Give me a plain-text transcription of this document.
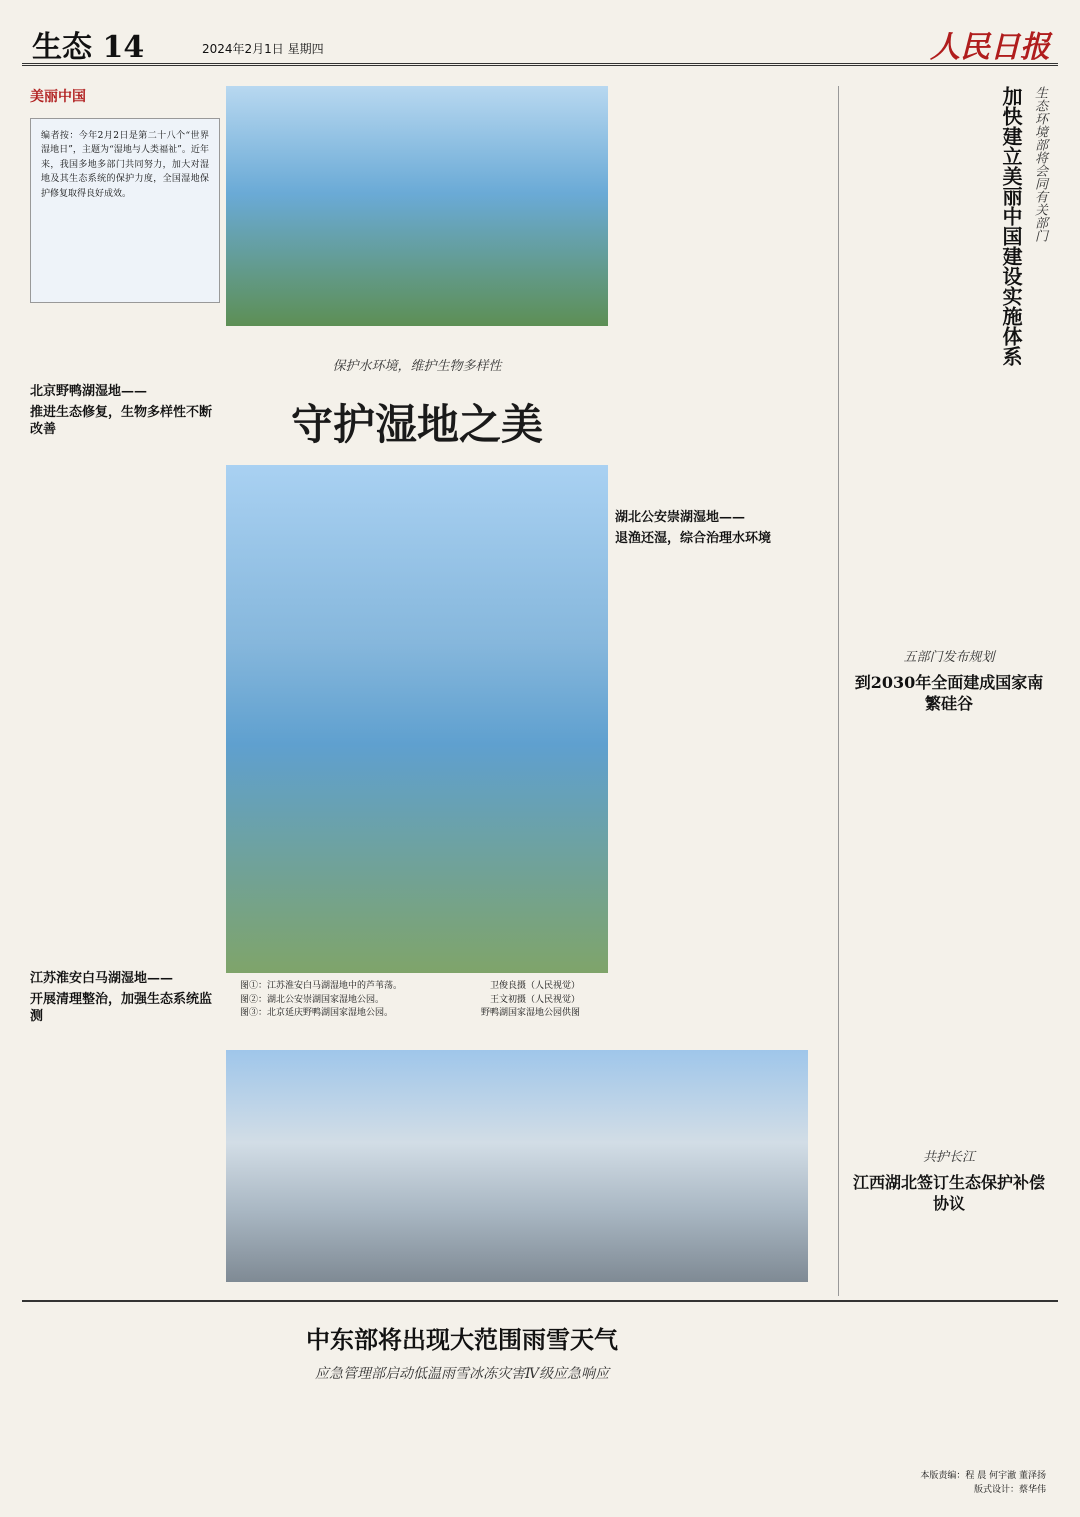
生态 14	2024年2月1日 星期四	人民日报
美丽中国
编者按：今年2月2日是第二十八个“世界湿地日”，主题为“湿地与人类福祉”。近年来，我国多地多部门共同努力，加大对湿地及其生态系统的保护力度，全国湿地保护修复取得良好成效。
保护水环境，维护生物多样性
守护湿地之美
图①：江苏淮安白马湖湿地中的芦苇荡。	卫俊良摄（人民视觉）
图②：湖北公安崇湖国家湿地公园。	王文初摄（人民视觉）
图③：北京延庆野鸭湖国家湿地公园。	野鸭湖国家湿地公园供图
北京野鸭湖湿地——
推进生态修复，生物多样性不断改善
江苏淮安白马湖湿地——
开展清理整治，加强生态系统监测
湖北公安崇湖湿地——
退渔还湿，综合治理水环境
生态环境部将会同有关部门
加快建立美丽中国建设实施体系
五部门发布规划
到2030年全面建成国家南繁硅谷
共护长江
江西湖北签订生态保护补偿协议
中东部将出现大范围雨雪天气
应急管理部启动低温雨雪冰冻灾害Ⅳ级应急响应
本版责编：程 晨 何宇澈 董泽扬
版式设计：蔡华伟
